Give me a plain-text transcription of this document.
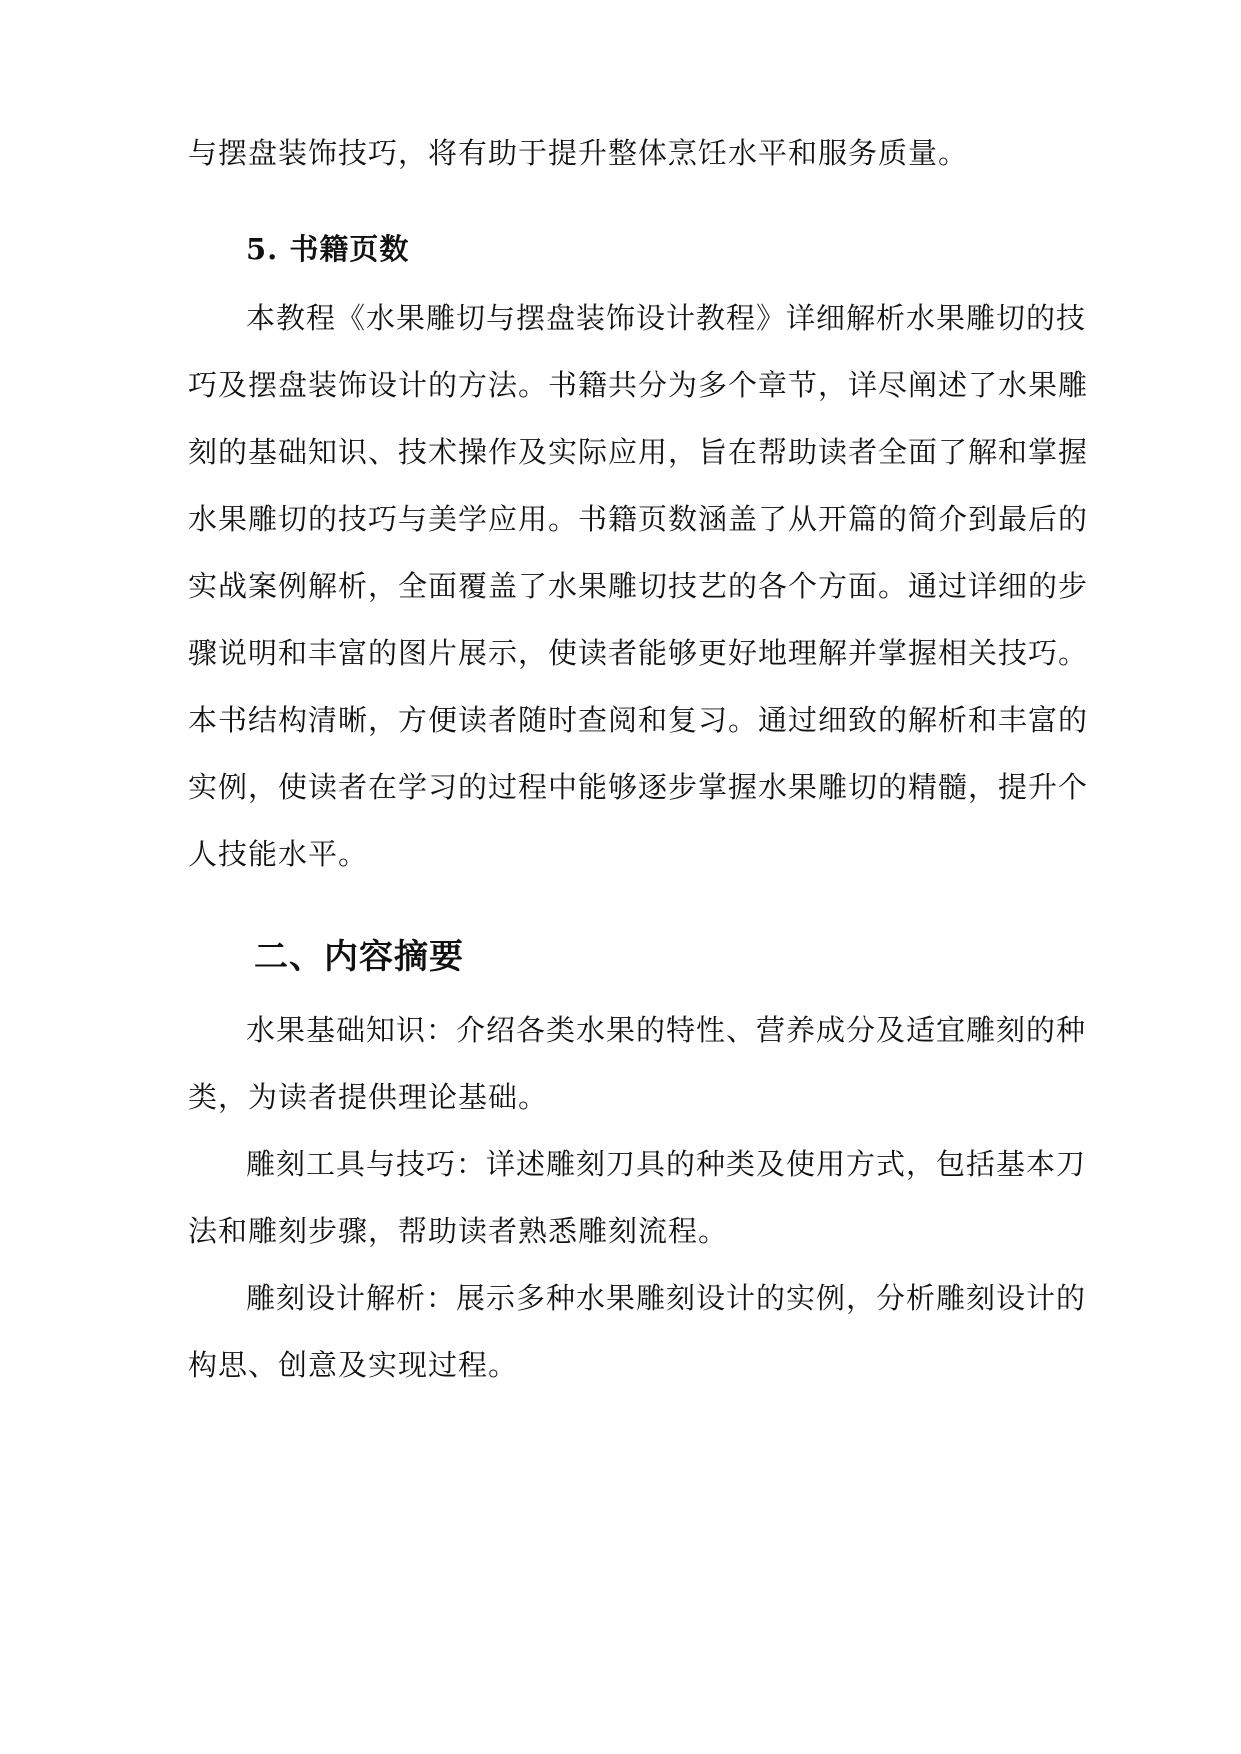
与摆盘装饰技巧，将有助于提升整体烹饪水平和服务质量。
5. 书籍页数
本教程《水果雕切与摆盘装饰设计教程》详细解析水果雕切的技
巧及摆盘装饰设计的方法。书籍共分为多个章节，详尽阐述了水果雕
刻的基础知识、技术操作及实际应用，旨在帮助读者全面了解和掌握
水果雕切的技巧与美学应用。书籍页数涵盖了从开篇的简介到最后的
实战案例解析，全面覆盖了水果雕切技艺的各个方面。通过详细的步
骤说明和丰富的图片展示，使读者能够更好地理解并掌握相关技巧。
本书结构清晰，方便读者随时查阅和复习。通过细致的解析和丰富的
实例，使读者在学习的过程中能够逐步掌握水果雕切的精髓，提升个
人技能水平。
二、内容摘要
水果基础知识：介绍各类水果的特性、营养成分及适宜雕刻的种
类，为读者提供理论基础。
雕刻工具与技巧：详述雕刻刀具的种类及使用方式，包括基本刀
法和雕刻步骤，帮助读者熟悉雕刻流程。
雕刻设计解析：展示多种水果雕刻设计的实例，分析雕刻设计的
构思、创意及实现过程。
